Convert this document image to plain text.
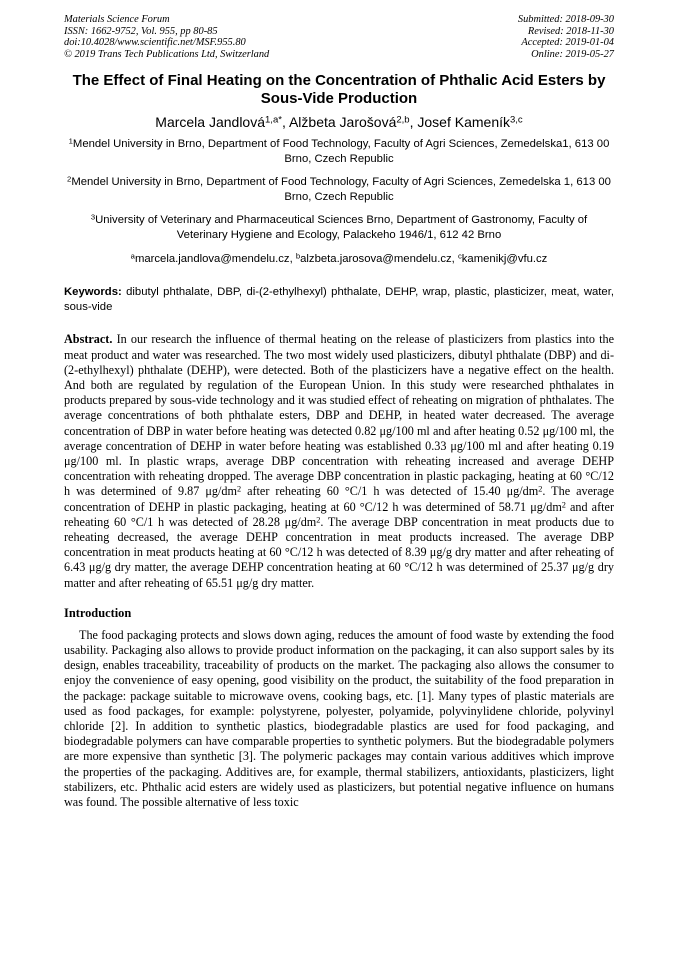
Materials Science Forum
ISSN: 1662-9752, Vol. 955, pp 80-85
doi:10.4028/www.scientific.net/MSF.955.80
© 2019 Trans Tech Publications Ltd, Switzerland
Submitted: 2018-09-30
Revised: 2018-11-30
Accepted: 2019-01-04
Online: 2019-05-27
The Effect of Final Heating on the Concentration of Phthalic Acid Esters by Sous-Vide Production
Marcela Jandlová$^{1,a*}$, Alžbeta Jarošová$^{2,b}$, Josef Kameník$^{3,c}$
$^1$Mendel University in Brno, Department of Food Technology, Faculty of Agri Sciences, Zemedelska1, 613 00 Brno, Czech Republic
$^2$Mendel University in Brno, Department of Food Technology, Faculty of Agri Sciences, Zemedelska 1, 613 00 Brno, Czech Republic
$^3$University of Veterinary and Pharmaceutical Sciences Brno, Department of Gastronomy, Faculty of Veterinary Hygiene and Ecology, Palackeho 1946/1, 612 42 Brno
$^a$marcela.jandlova@mendelu.cz, $^b$alzbeta.jarosova@mendelu.cz, $^c$kamenikj@vfu.cz
Keywords: dibutyl phthalate, DBP, di-(2-ethylhexyl) phthalate, DEHP, wrap, plastic, plasticizer, meat, water, sous-vide
Abstract. In our research the influence of thermal heating on the release of plasticizers from plastics into the meat product and water was researched. The two most widely used plasticizers, dibutyl phthalate (DBP) and di-(2-ethylhexyl) phthalate (DEHP), were detected. Both of the plasticizers have a negative effect on the health. And both are regulated by regulation of the European Union. In this study were researched phthalates in products prepared by sous-vide technology and it was studied effect of reheating on migration of phthalates. The average concentrations of both phthalate esters, DBP and DEHP, in heated water decreased. The average concentration of DBP in water before heating was detected 0.82 μg/100 ml and after heating 0.52 μg/100 ml, the average concentration of DEHP in water before heating was established 0.33 μg/100 ml and after heating 0.19 μg/100 ml. In plastic wraps, average DBP concentration with reheating increased and average DEHP concentration with reheating dropped. The average DBP concentration in plastic packaging, heating at 60 °C/12 h was determined of 9.87 $\mu g/dm^2$ after reheating 60 °C/1 h was detected of 15.40 $\mu g/dm^2$. The average concentration of DEHP in plastic packaging, heating at 60 °C/12 h was determined of 58.71 $\mu g/dm^2$ and after reheating 60 °C/1 h was detected of 28.28 $\mu g/dm^2$. The average DBP concentration in meat products due to reheating decreased, the average DEHP concentration in meat products increased. The average DBP concentration in meat products heating at 60 °C/12 h was detected of 8.39 μg/g dry matter and after reheating of 6.43 μg/g dry matter, the average DEHP concentration heating at 60 °C/12 h was determined of 25.37 μg/g dry matter and after reheating of 65.51 μg/g dry matter.
Introduction
The food packaging protects and slows down aging, reduces the amount of food waste by extending the food usability. Packaging also allows to provide product information on the packaging, it can also support sales by its design, enables traceability, traceability of products on the market. The packaging also allows the consumer to enjoy the convenience of easy opening, good visibility on the product, the suitability of the food preparation in the package: package suitable to microwave ovens, cooking bags, etc. [1]. Many types of plastic materials are used as food packages, for example: polystyrene, polyester, polyamide, polyvinylidene chloride, polyvinyl chloride [2]. In addition to synthetic plastics, biodegradable plastics are used for food packaging, and biodegradable polymers can have comparable properties to synthetic polymers. But the biodegradable polymers are more expensive than synthetic [3]. The polymeric packages may contain various additives which improve the properties of the packaging. Additives are, for example, thermal stabilizers, antioxidants, plasticizers, light stabilizers, etc. Phthalic acid esters are widely used as plasticizers, but potential negative influence on humans was found. The possible alternative of less toxic
